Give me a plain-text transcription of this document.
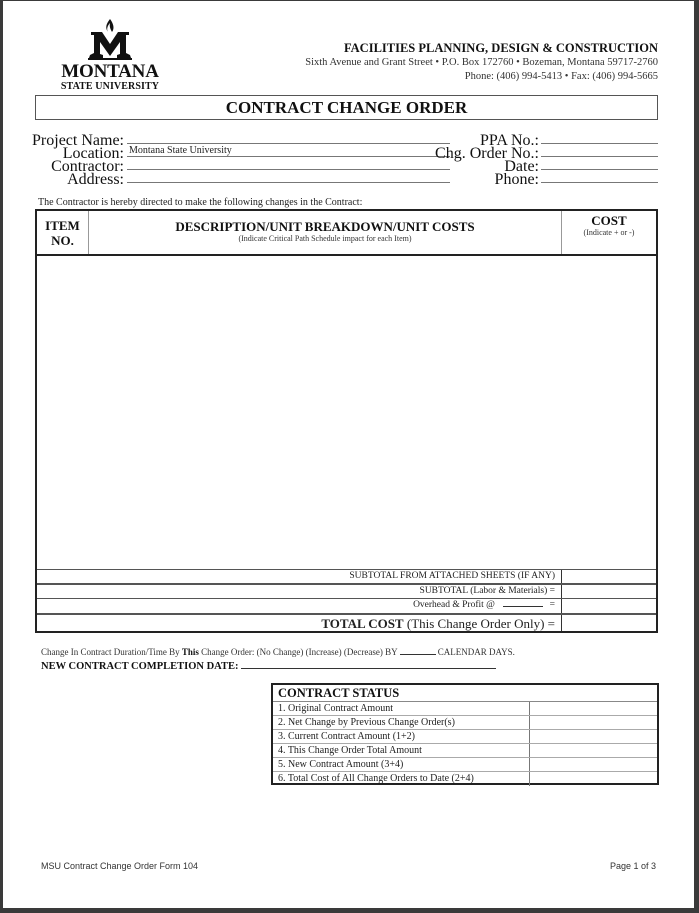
MONTANA
STATE UNIVERSITY
FACILITIES PLANNING, DESIGN & CONSTRUCTION
Sixth Avenue and Grant Street • P.O. Box 172760 • Bozeman, Montana 59717-2760
Phone: (406) 994-5413 • Fax: (406) 994-5665
CONTRACT CHANGE ORDER
Project Name:
Location: Montana State University
Contractor:
Address:
PPA No.:
Chg. Order No.:
Date:
Phone:
The Contractor is hereby directed to make the following changes in the Contract:
ITEM
NO.
DESCRIPTION/UNIT BREAKDOWN/UNIT COSTS
(Indicate Critical Path Schedule impact for each Item)
COST
(Indicate + or -)
SUBTOTAL FROM ATTACHED SHEETS (IF ANY)
SUBTOTAL (Labor & Materials) =
Overhead & Profit @	=
TOTAL COST (This Change Order Only) =
Change In Contract Duration/Time By This Change Order: (No Change) (Increase) (Decrease) BY	CALENDAR DAYS.
NEW CONTRACT COMPLETION DATE:
CONTRACT STATUS
1. Original Contract Amount
2. Net Change by Previous Change Order(s)
3. Current Contract Amount (1+2)
4. This Change Order Total Amount
5. New Contract Amount (3+4)
6. Total Cost of All Change Orders to Date (2+4)
MSU Contract Change Order Form 104	Page 1 of 3
